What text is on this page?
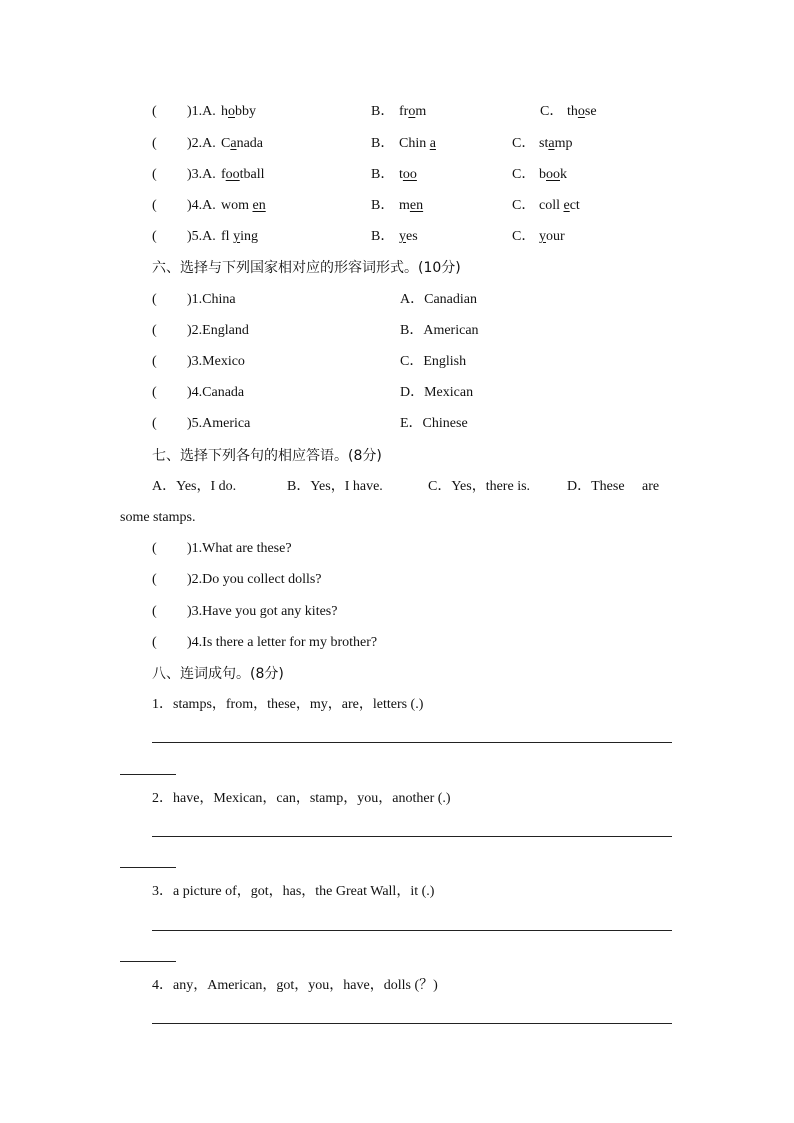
( )1.A. hobby	B． from	C． those
( )2.A. Canada	B． Chin a	C． stamp
( )3.A. football	B． too	C． book
( )4.A. wom en	B． men	C． coll ect
( )5.A. fl ying	B． yes	C． your
六、选择与下列国家相对应的形容词形式。(10分)
( )1.China	A．Canadian
( )2.England	B．American
( )3.Mexico	C．English
( )4.Canada	D．Mexican
( )5.America	E．Chinese
七、选择下列各句的相应答语。(8分)
A．Yes，I do.	B．Yes，I have.	C．Yes，there is.	D．These are
some stamps.
( )1.What are these?
( )2.Do you collect dolls?
( )3.Have you got any kites?
( )4.Is there a letter for my brother?
八、连词成句。(8分)
1．stamps，from，these，my，are，letters (.)
2．have，Mexican，can，stamp，you，another (.)
3．a picture of，got，has，the Great Wall，it (.)
4．any，American，got，you，have，dolls (？)
